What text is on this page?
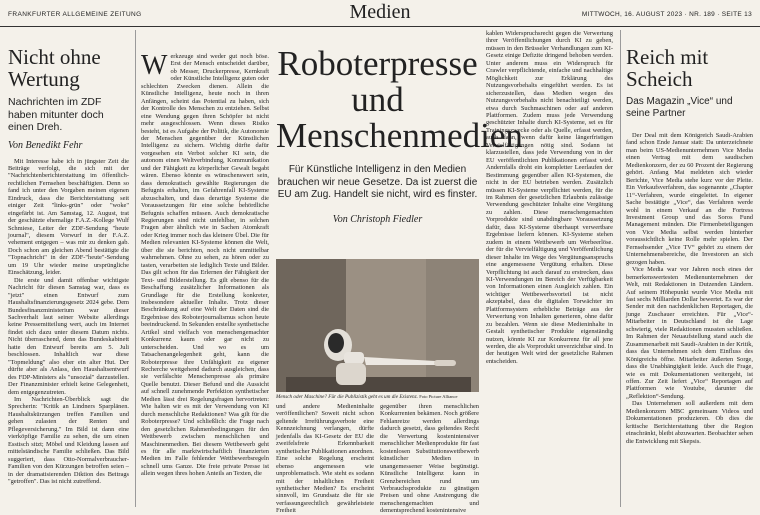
FRANKFURTER ALLGEMEINE ZEITUNG	Medien	MITTWOCH, 16. AUGUST 2023 · NR. 189 · SEITE 13
Nicht ohne Wertung
Nachrichten im ZDF haben mitunter doch einen Dreh.
Von Benedikt Fehr

Mit Interesse habe ich in jüngster Zeit die Beiträge verfolgt, die sich mit der "Nachrichtenberichterstattung im öffentlich-rechtlichen Fernsehen beschäftigten. Denn so fand ich unter den Vorgaben meinen eigenen Eindruck, dass die Berichterstattung seit einiger Zeit "links-grün" oder "woke" eingefärbt ist. Am Samstag, 12. August, trat der geschätzte ehemalige F.A.Z.-Kollege Wulf Schmiese, Leiter der ZDF-Sendung "heute journal", diesem Vorwurf in der F.A.Z. vehement entgegen – was mir zu denken gab. Doch schon am gleichen Abend bestätigte die "Topnachricht" in der ZDF-"heute"-Sendung um 19 Uhr wieder meine ursprüngliche Einschätzung, leider.

Die erste und damit offenbar wichtigste Nachricht für diesen Samstag war, dass es "jetzt" einen Entwurf zum Haushaltsfinanzierungsgesetz 2024 gebe. Dem Bundesfinanzministerium war dieser Sachverhalt laut seiner Website allerdings keine Pressemitteilung wert, auch im Internet findet sich dazu unter diesem Datum nichts. Nicht überraschend, denn das Bundeskabinett hatte den Entwurf bereits am 5. Juli beschlossen. Inhaltlich war diese "Topmeldung" also eher ein alter Hut. Der dürfte aber als Anlass, den Haushaltsentwurf des FDP-Ministers als "unsozial" darzustellen. Der Finanzminister erhielt keine Gelegenheit, dem entgegenzutreten.

Im Nachrichten-Überblick sagt die Sprecherin: "Kritik an Lindners Sparplänen. Haushaltskürzungen treffen Familien und gehen zulasten der Renten und Pflegeversicherung." Im Bild ist dann eine vierköpfige Familie zu sehen, die um einen Esstisch sitzt; Möbel und Kleidung lassen auf mittelständische Familie schließen. Das Bild suggeriert, dass Otto-Normalverbraucher-Familien von den Kürzungen betroffen seien – in der dramatisierenden Diktion des Beitrags "getroffen". Das ist nicht zutreffend.

Werkzeuge sind weder gut noch böse. Erst der Mensch entscheidet darüber, ob Messer, Druckerpresse, Kernkraft oder Künstliche Intelligenz guten oder schlechten Zwecken dienen. Allein die Künstliche Intelligenz, heute noch in ihren Anfängen, scheint das Potential zu haben, sich der Kontrolle des Menschen zu entziehen. Selbst eine Wendung gegen ihren Schöpfer ist nicht mehr ausgeschlossen. Wenn dieses Risiko besteht, ist es Aufgabe der Politik, die Autonomie der Menschen gegenüber der Künstlichen Intelligenz zu sichern. Wichtig dürfte dafür vorgesehen ein Verbot solcher KI sein, die autonom einen Weltverbindung, Kommunikation und der Fähigkeit zu körperlicher Gewalt begabt wären. Ebenso könnte es wünschenswert sein, dass demokratisch gewählte Regierungen die Befugnis erhalten, im Gefahrenfall KI-Systeme abzuschalten, und dass derartige Systeme die Voraussetzungen für eine solche behördliche Befugnis schaffen müssen. Auch demokratische Regierungen sind nicht unfehlbar, in solchen Fragen aber ähnlich wie in Sachen Atomkraft oder Krieg immer noch das kleinere Übel. Die für Medien relevanten KI-Systeme können die Welt, über die sie berichten, noch nicht unmittelbar wahrnehmen. Ohne zu sehen, zu hören oder zu tasten, verarbeiten sie lediglich Texte und Bilder. Das gilt schon für das Erlernen der Fähigkeit der Text- und Bilderstellung. Es gilt ebenso für die Beschaffung zusätzlicher Informationen als Grundlage für die Erstellung konkreter, insbesondere aktueller Inhalte. Trotz dieser Beschränkung auf eine Welt der Daten sind die Ergebnisse des Roboterjournalismus schon heute beeindruckend. In Sekunden erstellte synthetische Artikel sind vielfach von menschengemachter Konkurrenz kaum oder gar nicht zu unterscheiden. Und wo es um Tatsachenangelegenheit geht, kann die Roboterpresse ihre Unfähigkeit zu eigener Recherche weitgehend dadurch ausgleichen, dass sie verfälschte Menschenpresse als primäre Quelle benutzt. Dieser Befund und die Aussicht auf schnell zunehmende Perfektion synthetischer Medien lässt drei Regelungsfragen hervortreten: Wie halten wir es mit der Verwendung von KI durch menschliche Redaktionen? Was gilt für die Roboterpresse? Und schließlich: die Frage nach den gesetzlichen Rahmenbedingungen für den Wettbewerb zwischen menschlichen und Maschinenmedien. Bei diesem Wettbewerb geht es für alle marktwirtschaftlich finanzierten Medien im Falle fehlender Wettbewerbsregeln schnell ums Ganze. Die freie private Presse ist allein wegen ihres hohen Anteils an Texten, die
Roboterpresse und Menschenmedien
Für Künstliche Intelligenz in den Medien brauchen wir neue Gesetze. Da ist zuerst die EU am Zug. Handelt sie nicht, wird es finster.
Von Christoph Fiedler
Mensch oder Maschine? Für die Publizistik geht es um die Existenz. Foto Picture Alliance
und andere Medieninhalte veröffentlichen? Soweit nicht schon geltende Irreführungsverbote eine Kennzeichnung verlangen, dürfte jedenfalls das KI-Gesetz der EU die zweifelsfreie Erkennbarkeit synthetischer Publikationen anordnen. Eine solche Regelung erscheint ebenso angemessen wie unproblematisch. Wie steht es sodann mit der inhaltlichen Freiheit synthetischer Medien? Es erscheint sinnvoll, im Grundsatz die für sie verfassungsrechtlich gewährleistete Freiheit
gegenüber ihren menschlichen Konkurrenten bekämen. Noch größere Fehlanreize werden allerdings dadurch gesetzt, dass geltendes Recht die Verwertung kostenintensiver menschlicher Medienprodukte für fast kostenlosen Substitutionswettbewerb künstlicher Medien in unangemessener Weise begünstigt. Künstliche Intelligenz kann in Grenzbereichen rund um Verbrauchsprodukte zu günstigen Preisen und ohne Anstrengung die menschengemachten und dementsprechend kostenintensive
kablen Widerspruchsrecht gegen die Verwertung ihrer Veröffentlichungen durch KI zu geben, müssen in den Brüsseler Verhandlungen zum KI-Gesetz einige Defizite dringend behoben werden. Unter anderem muss ein Widerspruch für Crawler verpflichtende, einfache und nachhaltige Möglichkeit zur Erklärung des Nutzungsvorbehalts eingeführt werden. Es ist sicherzustellen, dass Medien wegen des Nutzungsvorbehalts nicht benachteiligt werden, etwa durch Suchmaschinen oder auf anderen Plattformen. Zudem muss jede Verwendung geschützter Inhalte durch KI-Systeme, sei es für Trainingszwecke oder als Quelle, erfasst werden, auch dann, wenn dafür keine längerfristigen Vervielfältigungen nötig sind. Sodann ist klarzustellen, dass jede Verwendung von in der EU veröffentlichten Publikationen erfasst wird. Andernfalls droht ein kompletter Leerlaufen der Bestimmung gegenüber allen KI-Systemen, die nicht in der EU betrieben werden. Zusätzlich müssen KI-Systeme verpflichtet werden, für die im Rahmen der gesetzlichen Erlaubnis zulässige Verwendung geschützter Inhalte eine Vergütung zu zahlen. Diese menschengemachten Vorprodukte sind unabdingbare Voraussetzung dafür, dass KI-Systeme überhaupt verwertbare Ergebnisse liefern können. KI-Systeme stehen zudem in einem Wettbewerb um Werbeerlöse. der für die Vervielfältigung und Veröffentlichung dieser Inhalte im Wege des Vergütungsanspruchs eine angemessene Vergütung erhalten. Diese Verpflichtung ist auch darauf zu erstrecken, dass KI-Verwendungen im Bereich der Verfügbarkeit von Informationen einen Ausgleich zahlen. Ein wichtiger Wettbewerbsvorteil ist nicht akzeptabel, dass die digitalen Torwächter im Plattformsystem erhebliche Beträge aus der Verwertung von Inhalten generieren, ohne dafür zu bezahlen. Wenn sie diese Medieninhalte in Gestalt synthetischer Produkte eigenständig nutzen, könnte KI zur Konkurrenz für all jene werden, die als Vorprodukt unverzichtbar sind. In der heutigen Welt wird der gesetzliche Rahmen entscheiden.
Reich mit Scheich
Das Magazin „Vice“ und seine Partner

Der Deal mit dem Königreich Saudi-Arabien fand schon Ende Januar statt: Da unterzeichnete man beim US-Medienunternehmen Vice Media einen Vertrag mit dem saudischen Medienkonzern, der zu 60 Prozent der Regierung gehört. Anfang Mai meldeten sich wieder Berichte, Vice Media stehe kurz vor der Pleite. Ein Verkaufsverfahren, das sogenannte „Chapter 11“-Verfahren, wurde eingeleitet. In eigener Sache bestätigte „Vice“, das Verfahren werde wohl in einem Verkauf an die Fortress Investment Group und das Soros Fund Management münden. Die Firmenbeteiligungen von Vice Media selbst werden hinterher voraussichtlich keine Rolle mehr spielen. Der Fernsehsender „Vice TV“ gehört zu einem der Unternehmensbereiche, die Investoren an sich gezogen haben.

Vice Media war vor Jahren noch eines der bemerkenswertesten Medienunternehmen der Welt, mit Redaktionen in Dutzenden Ländern. Auf seinem Höhepunkt wurde Vice Media mit fast sechs Milliarden Dollar bewertet. Es war der Sender mit den nachdenklichen Reportagen, die junge Zuschauer erreichten. Für „Vice“-Mitarbeiter in Deutschland ist die Lage schwierig, viele Redaktionen mussten schließen. Im Rahmen der Neuaufstellung stand auch die Zusammenarbeit mit Saudi-Arabien in der Kritik, dass das Unternehmen sich dem Einfluss des Königreichs öffne. Mitarbeiter äußerten Sorge, dass die Unabhängigkeit leide. Auch die Frage, wie es mit Dokumentationen weitergeht, ist offen. Zur Zeit liefert „Vice“ Reportagen auf Plattformen wie Youtube, darunter die „Reflektion“-Sendung.

Das Unternehmen soll außerdem mit dem Medienkonzern MBC gemeinsam Videos und Dokumentationen produzieren. Ob dies die kritische Berichterstattung über die Region einschränkt, bleibt abzuwarten. Beobachter sehen die Entwicklung mit Skepsis.
